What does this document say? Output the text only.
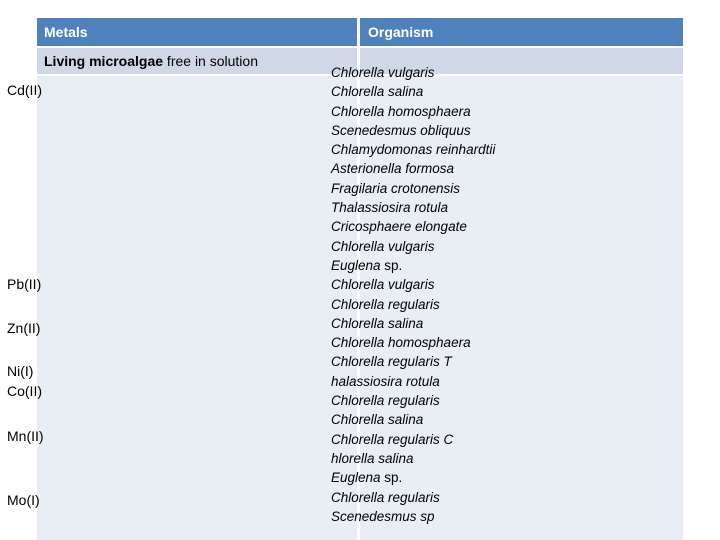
Metals	Organism
Living microalgae free in solution
Cd(II)
Pb(II)
Zn(II)
Ni(I)
Co(II)
Mn(II)
Mo(I)
Chlorella vulgaris
Chlorella salina
Chlorella homosphaera
Scenedesmus obliquus
Chlamydomonas reinhardtii
Asterionella formosa
Fragilaria crotonensis
Thalassiosira rotula
Cricosphaere elongate
Chlorella vulgaris
Euglena sp.
Chlorella vulgaris
Chlorella regularis
Chlorella salina
Chlorella homosphaera
Chlorella regularis T
halassiosira rotula
Chlorella regularis
Chlorella salina
Chlorella regularis C
hlorella salina
Euglena sp.
Chlorella regularis
Scenedesmus sp
